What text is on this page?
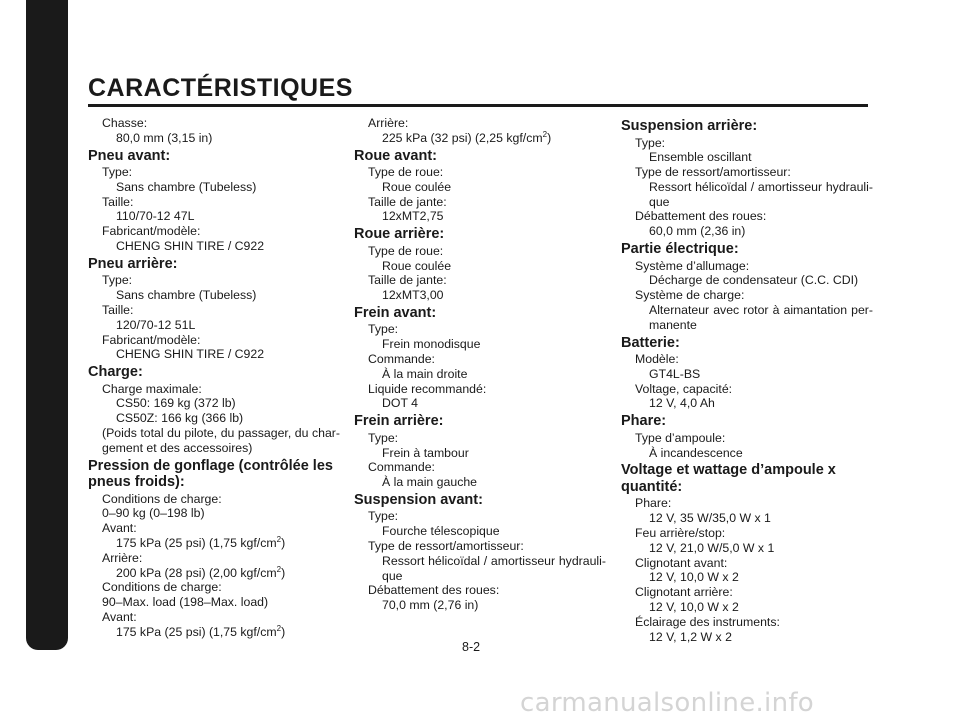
CARACTÉRISTIQUES
8
Chasse:
80,0 mm (3,15 in)
Pneu avant:
Type:
Sans chambre (Tubeless)
Taille:
110/70-12 47L
Fabricant/modèle:
CHENG SHIN TIRE / C922
Pneu arrière:
Type:
Sans chambre (Tubeless)
Taille:
120/70-12 51L
Fabricant/modèle:
CHENG SHIN TIRE / C922
Charge:
Charge maximale:
CS50: 169 kg (372 lb)
CS50Z: 166 kg (366 lb)
(Poids total du pilote, du passager, du char-gement et des accessoires)
Pression de gonflage (contrôlée les pneus froids):
Conditions de charge:
0–90 kg (0–198 lb)
Avant:
175 kPa (25 psi) (1,75 kgf/$cm^2$)
Arrière:
200 kPa (28 psi) (2,00 kgf/$cm^2$)
Conditions de charge:
90–Max. load (198–Max. load)
Avant:
175 kPa (25 psi) (1,75 kgf/$cm^2$)
Arrière:
225 kPa (32 psi) (2,25 kgf/$cm^2$)
Roue avant:
Type de roue:
Roue coulée
Taille de jante:
12xMT2,75
Roue arrière:
Type de roue:
Roue coulée
Taille de jante:
12xMT3,00
Frein avant:
Type:
Frein monodisque
Commande:
À la main droite
Liquide recommandé:
DOT 4
Frein arrière:
Type:
Frein à tambour
Commande:
À la main gauche
Suspension avant:
Type:
Fourche télescopique
Type de ressort/amortisseur:
Ressort hélicoïdal / amortisseur hydrauli-que
Débattement des roues:
70,0 mm (2,76 in)
Suspension arrière:
Type:
Ensemble oscillant
Type de ressort/amortisseur:
Ressort hélicoïdal / amortisseur hydrauli-que
Débattement des roues:
60,0 mm (2,36 in)
Partie électrique:
Système d’allumage:
Décharge de condensateur (C.C. CDI)
Système de charge:
Alternateur avec rotor à aimantation per-manente
Batterie:
Modèle:
GT4L-BS
Voltage, capacité:
12 V, 4,0 Ah
Phare:
Type d’ampoule:
À incandescence
Voltage et wattage d’ampoule x quantité:
Phare:
12 V, 35 W/35,0 W x 1
Feu arrière/stop:
12 V, 21,0 W/5,0 W x 1
Clignotant avant:
12 V, 10,0 W x 2
Clignotant arrière:
12 V, 10,0 W x 2
Éclairage des instruments:
12 V, 1,2 W x 2
8-2
carmanualsonline.info
